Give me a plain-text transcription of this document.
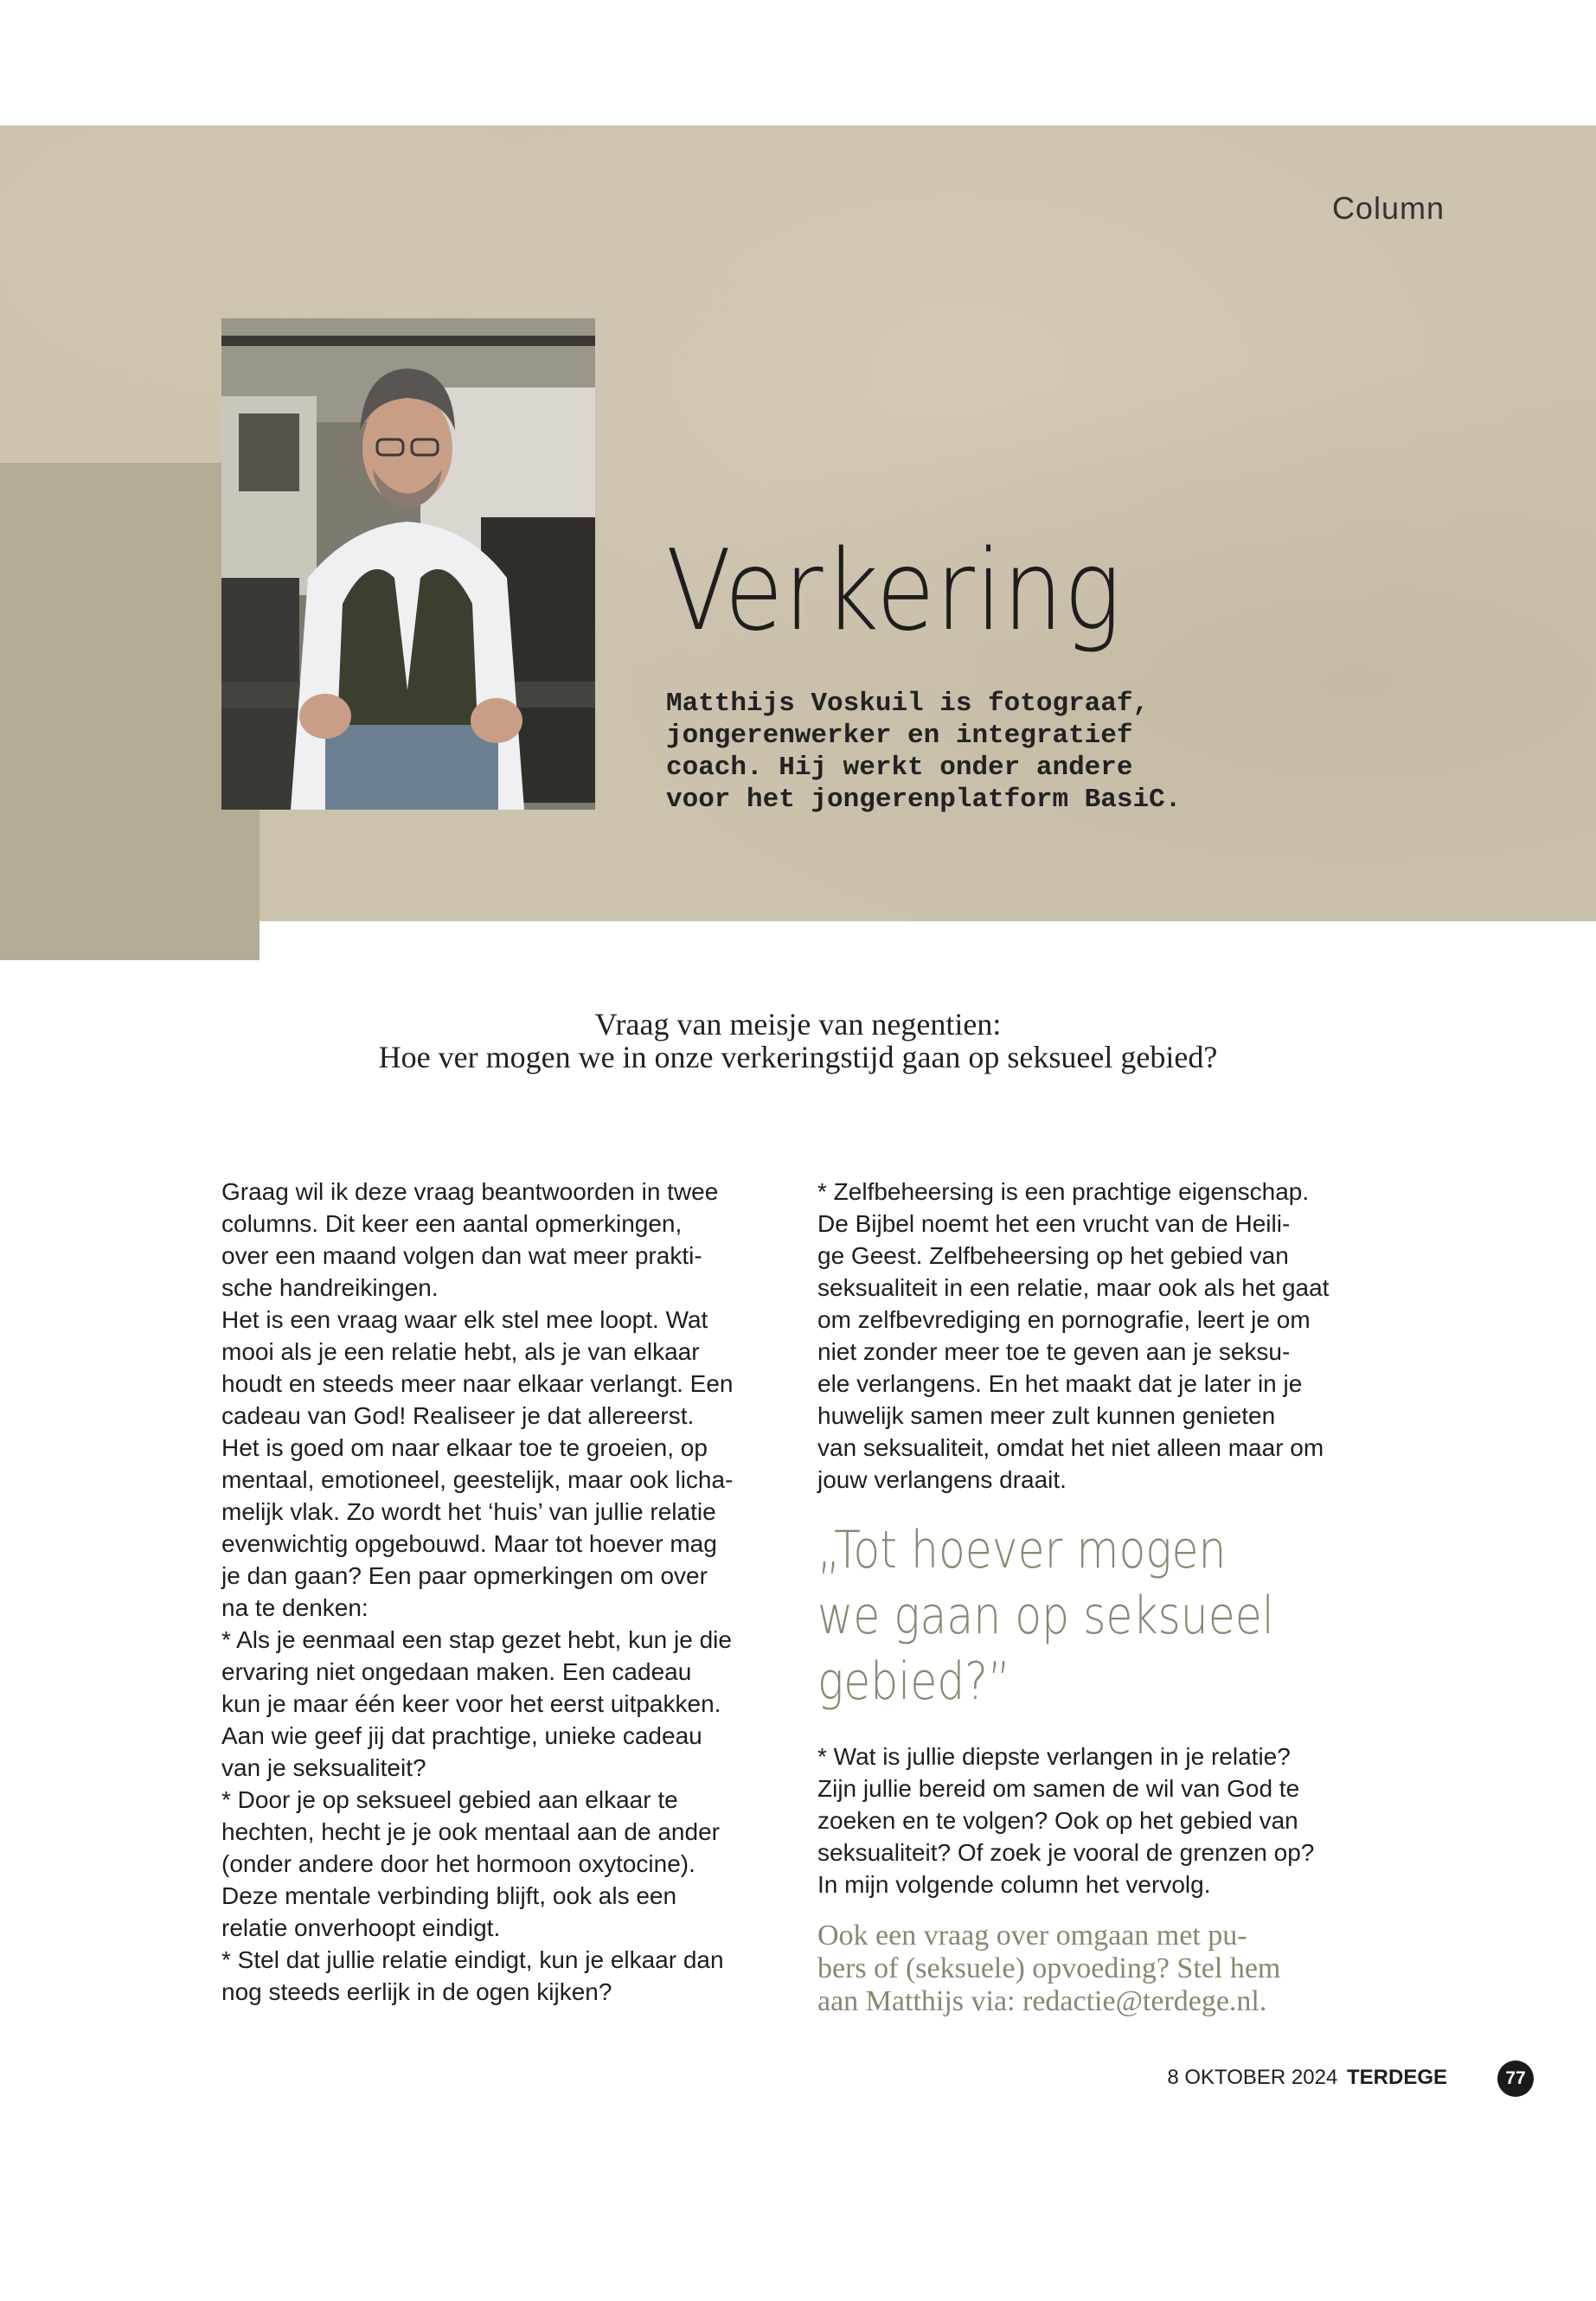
Column
Verkering
Matthijs Voskuil is fotograaf,
jongerenwerker en integratief
coach. Hij werkt onder andere
voor het jongerenplatform BasiC.
Vraag van meisje van negentien:
Hoe ver mogen we in onze verkeringstijd gaan op seksueel gebied?

Graag wil ik deze vraag beantwoorden in twee
columns. Dit keer een aantal opmerkingen,
over een maand volgen dan wat meer prakti-
sche handreikingen.

Het is een vraag waar elk stel mee loopt. Wat
mooi als je een relatie hebt, als je van elkaar
houdt en steeds meer naar elkaar verlangt. Een
cadeau van God! Realiseer je dat allereerst.

Het is goed om naar elkaar toe te groeien, op
mentaal, emotioneel, geestelijk, maar ook licha-
melijk vlak. Zo wordt het ‘huis’ van jullie relatie
evenwichtig opgebouwd. Maar tot hoever mag
je dan gaan? Een paar opmerkingen om over
na te denken:

* Als je eenmaal een stap gezet hebt, kun je die
ervaring niet ongedaan maken. Een cadeau
kun je maar één keer voor het eerst uitpakken.
Aan wie geef jij dat prachtige, unieke cadeau
van je seksualiteit?

* Door je op seksueel gebied aan elkaar te
hechten, hecht je je ook mentaal aan de ander
(onder andere door het hormoon oxytocine).
Deze mentale verbinding blijft, ook als een
relatie onverhoopt eindigt.

* Stel dat jullie relatie eindigt, kun je elkaar dan
nog steeds eerlijk in de ogen kijken?

* Zelfbeheersing is een prachtige eigenschap.
De Bijbel noemt het een vrucht van de Heili-
ge Geest. Zelfbeheersing op het gebied van
seksualiteit in een relatie, maar ook als het gaat
om zelfbevrediging en pornografie, leert je om
niet zonder meer toe te geven aan je seksu-
ele verlangens. En het maakt dat je later in je
huwelijk samen meer zult kunnen genieten
van seksualiteit, omdat het niet alleen maar om
jouw verlangens draait.

„Tot hoever mogen
we gaan op seksueel
gebied?”

* Wat is jullie diepste verlangen in je relatie?
Zijn jullie bereid om samen de wil van God te
zoeken en te volgen? Ook op het gebied van
seksualiteit? Of zoek je vooral de grenzen op?
In mijn volgende column het vervolg.

Ook een vraag over omgaan met pu-
bers of (seksuele) opvoeding? Stel hem
aan Matthijs via: redactie@terdege.nl.
8 OKTOBER 2024 TERDEGE	77
